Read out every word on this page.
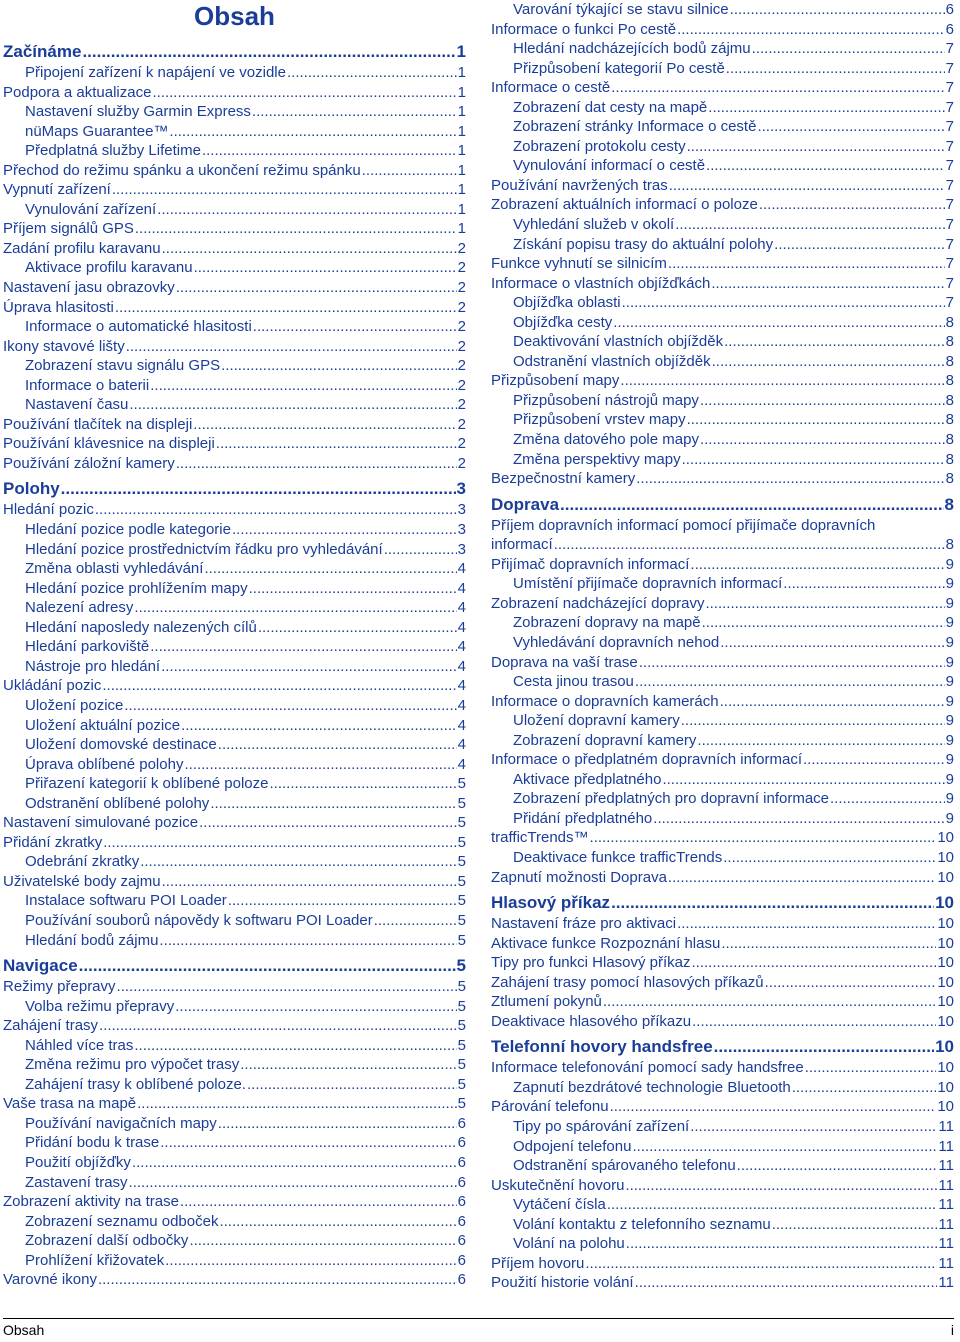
Obsah
Začínáme .....	1
Připojení zařízení k napájení ve vozidle .....	1
Podpora a aktualizace .....	1
Nastavení služby Garmin Express .....	1
nüMaps Guarantee™ .....	1
Předplatná služby Lifetime .....	1
Přechod do režimu spánku a ukončení režimu spánku .....	1
Vypnutí zařízení .....	1
Vynulování zařízení .....	1
Příjem signálů GPS .....	1
Zadání profilu karavanu .....	2
Aktivace profilu karavanu .....	2
Nastavení jasu obrazovky .....	2
Úprava hlasitosti .....	2
Informace o automatické hlasitosti .....	2
Ikony stavové lišty .....	2
Zobrazení stavu signálu GPS .....	2
Informace o baterii .....	2
Nastavení času .....	2
Používání tlačítek na displeji .....	2
Používání klávesnice na displeji .....	2
Používání záložní kamery .....	2
Polohy .....	3
Hledání pozic .....	3
Hledání pozice podle kategorie .....	3
Hledání pozice prostřednictvím řádku pro vyhledávání .....	3
Změna oblasti vyhledávání .....	4
Hledání pozice prohlížením mapy .....	4
Nalezení adresy .....	4
Hledání naposledy nalezených cílů .....	4
Hledání parkoviště .....	4
Nástroje pro hledání .....	4
Ukládání pozic .....	4
Uložení pozice .....	4
Uložení aktuální pozice .....	4
Uložení domovské destinace .....	4
Úprava oblíbené polohy .....	4
Přiřazení kategorií k oblíbené poloze .....	5
Odstranění oblíbené polohy .....	5
Nastavení simulované pozice .....	5
Přidání zkratky .....	5
Odebrání zkratky .....	5
Uživatelské body zajmu .....	5
Instalace softwaru POI Loader .....	5
Používání souborů nápovědy k softwaru POI Loader .....	5
Hledání bodů zájmu .....	5
Navigace .....	5
Režimy přepravy .....	5
Volba režimu přepravy .....	5
Zahájení trasy .....	5
Náhled více tras .....	5
Změna režimu pro výpočet trasy .....	5
Zahájení trasy k oblíbené poloze. .....	5
Vaše trasa na mapě .....	5
Používání navigačních mapy .....	6
Přidání bodu k trase .....	6
Použití objížďky .....	6
Zastavení trasy .....	6
Zobrazení aktivity na trase .....	6
Zobrazení seznamu odboček .....	6
Zobrazení další odbočky .....	6
Prohlížení křižovatek .....	6
Varovné ikony .....	6
Varování týkající se stavu silnice .....	6
Informace o funkci Po cestě .....	6
Hledání nadcházejících bodů zájmu .....	7
Přizpůsobení kategorií Po cestě .....	7
Informace o cestě .....	7
Zobrazení dat cesty na mapě .....	7
Zobrazení stránky Informace o cestě .....	7
Zobrazení protokolu cesty .....	7
Vynulování informací o cestě .....	7
Používání navržených tras .....	7
Zobrazení aktuálních informací o poloze .....	7
Vyhledání služeb v okolí .....	7
Získání popisu trasy do aktuální polohy .....	7
Funkce vyhnutí se silnicím .....	7
Informace o vlastních objížďkách .....	7
Objížďka oblasti .....	7
Objížďka cesty .....	8
Deaktivování vlastních objížděk .....	8
Odstranění vlastních objížděk .....	8
Přizpůsobení mapy .....	8
Přizpůsobení nástrojů mapy .....	8
Přizpůsobení vrstev mapy .....	8
Změna datového pole mapy .....	8
Změna perspektivy mapy .....	8
Bezpečnostní kamery .....	8
Doprava .....	8
Příjem dopravních informací pomocí přijímače dopravních
informací .....	8
Přijímač dopravních informací .....	9
Umístění přijímače dopravních informací .....	9
Zobrazení nadcházející dopravy .....	9
Zobrazení dopravy na mapě .....	9
Vyhledávání dopravních nehod .....	9
Doprava na vaší trase .....	9
Cesta jinou trasou .....	9
Informace o dopravních kamerách .....	9
Uložení dopravní kamery .....	9
Zobrazení dopravní kamery .....	9
Informace o předplatném dopravních informací .....	9
Aktivace předplatného .....	9
Zobrazení předplatných pro dopravní informace .....	9
Přidání předplatného .....	9
trafficTrends™ .....	10
Deaktivace funkce trafficTrends .....	10
Zapnutí možnosti Doprava .....	10
Hlasový příkaz .....	10
Nastavení fráze pro aktivaci .....	10
Aktivace funkce Rozpoznání hlasu .....	10
Tipy pro funkci Hlasový příkaz .....	10
Zahájení trasy pomocí hlasových příkazů .....	10
Ztlumení pokynů .....	10
Deaktivace hlasového příkazu .....	10
Telefonní hovory handsfree .....	10
Informace telefonování pomocí sady handsfree .....	10
Zapnutí bezdrátové technologie Bluetooth .....	10
Párování telefonu .....	10
Tipy po spárování zařízení .....	11
Odpojení telefonu .....	11
Odstranění spárovaného telefonu .....	11
Uskutečnění hovoru .....	11
Vytáčení čísla .....	11
Volání kontaktu z telefonního seznamu .....	11
Volání na polohu .....	11
Příjem hovoru .....	11
Použití historie volání .....	11
Obsah	i
